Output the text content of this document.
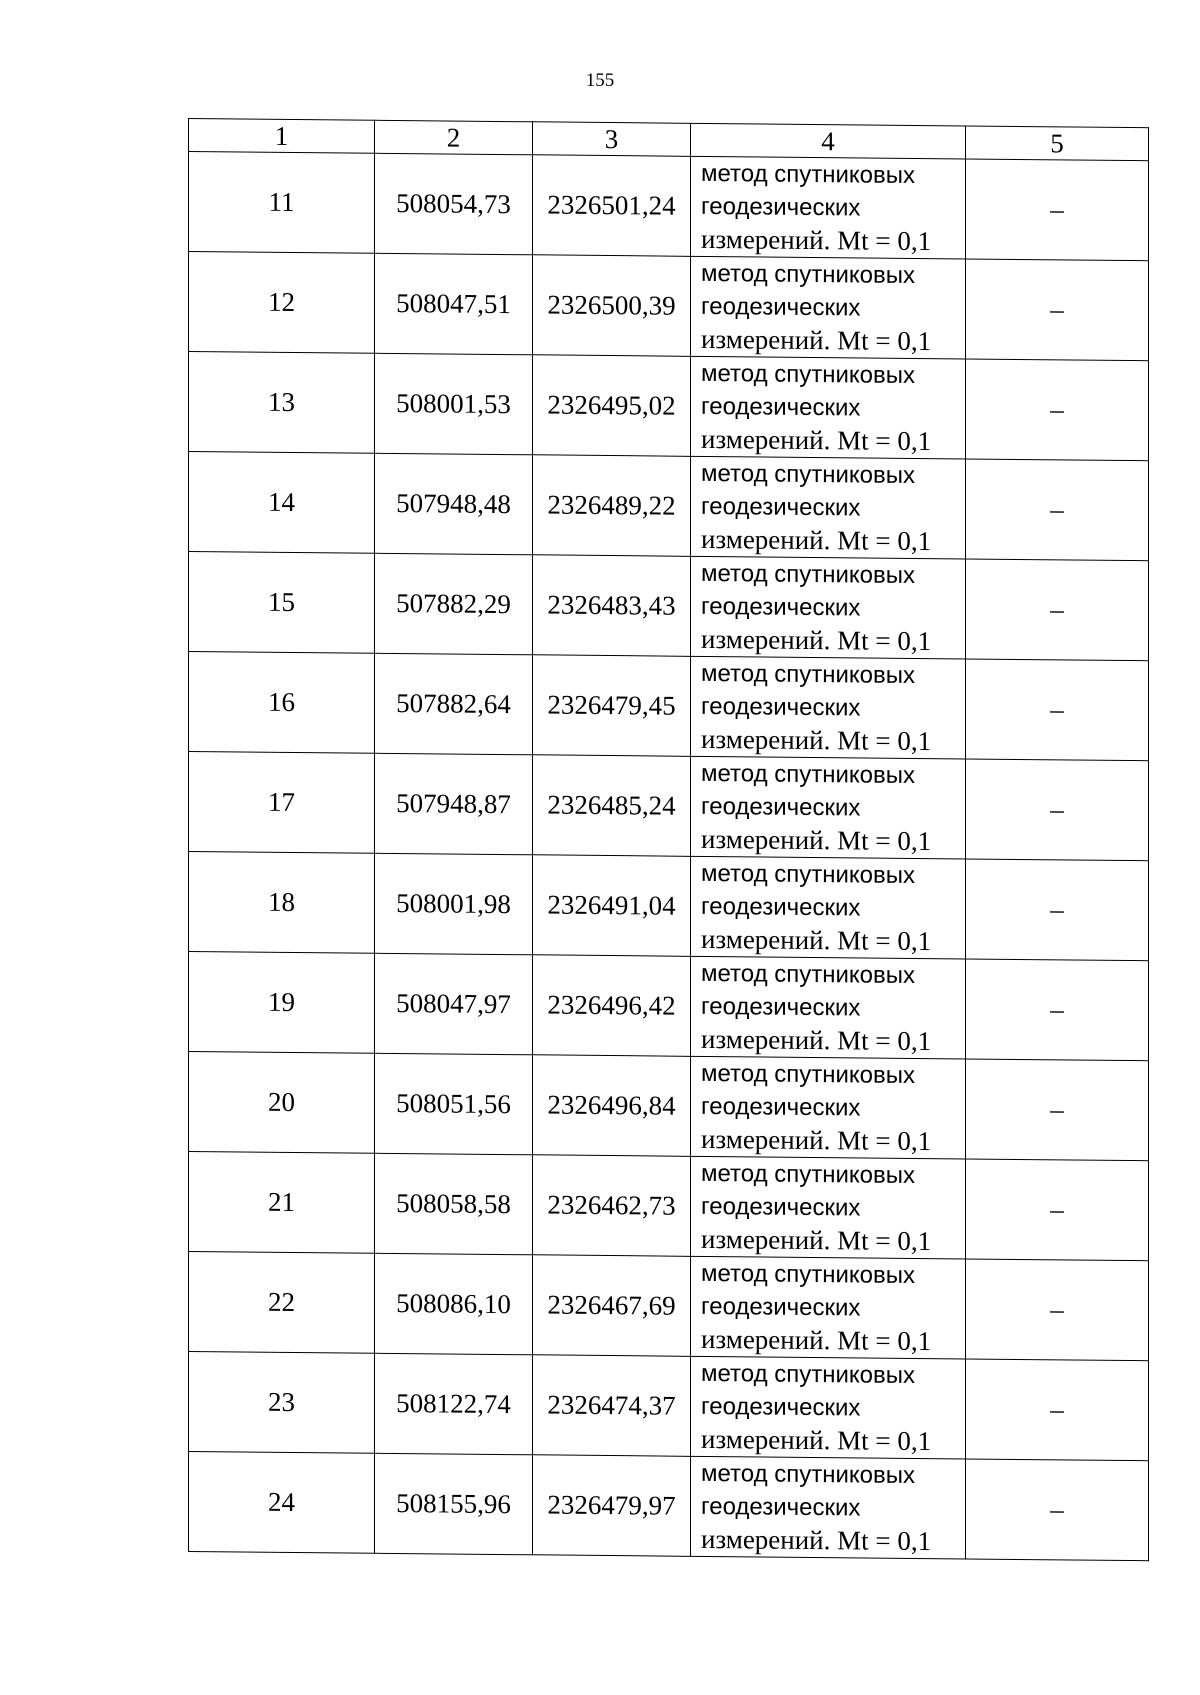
155
1	2	3	4	5
11	508054,73	2326501,24	метод спутниковых
геодезических
измерений. Mt = 0,1	–
12	508047,51	2326500,39	метод спутниковых
геодезических
измерений. Mt = 0,1	–
13	508001,53	2326495,02	метод спутниковых
геодезических
измерений. Mt = 0,1	–
14	507948,48	2326489,22	метод спутниковых
геодезических
измерений. Mt = 0,1	–
15	507882,29	2326483,43	метод спутниковых
геодезических
измерений. Mt = 0,1	–
16	507882,64	2326479,45	метод спутниковых
геодезических
измерений. Mt = 0,1	–
17	507948,87	2326485,24	метод спутниковых
геодезических
измерений. Mt = 0,1	–
18	508001,98	2326491,04	метод спутниковых
геодезических
измерений. Mt = 0,1	–
19	508047,97	2326496,42	метод спутниковых
геодезических
измерений. Mt = 0,1	–
20	508051,56	2326496,84	метод спутниковых
геодезических
измерений. Mt = 0,1	–
21	508058,58	2326462,73	метод спутниковых
геодезических
измерений. Mt = 0,1	–
22	508086,10	2326467,69	метод спутниковых
геодезических
измерений. Mt = 0,1	–
23	508122,74	2326474,37	метод спутниковых
геодезических
измерений. Mt = 0,1	–
24	508155,96	2326479,97	метод спутниковых
геодезических
измерений. Mt = 0,1	–
